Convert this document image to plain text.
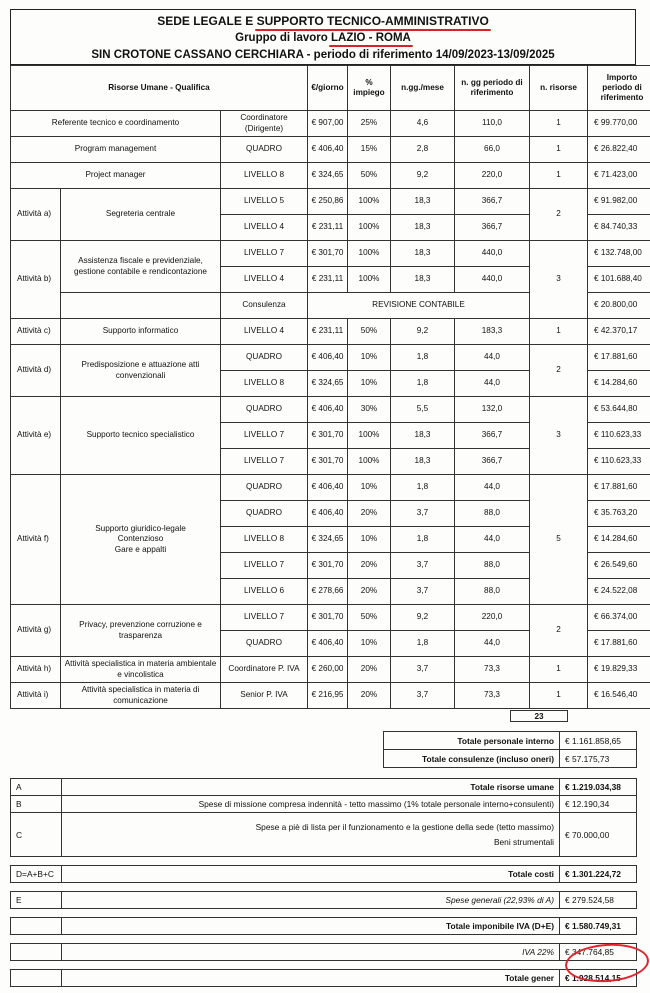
SEDE LEGALE E SUPPORTO TECNICO-AMMINISTRATIVO
Gruppo di lavoro LAZIO - ROMA
SIN CROTONE CASSANO CERCHIARA - periodo di riferimento 14/09/2023-13/09/2025
Risorse Umane - Qualifica			€/giorno	% impiego	n.gg./mese	n. gg periodo di riferimento	n. risorse	Importo periodo di riferimento
Referente tecnico e coordinamento		Coordinatore (Dirigente)	€ 907,00	25%	4,6	110,0	1	€ 99.770,00
Program management		QUADRO	€ 406,40	15%	2,8	66,0	1	€ 26.822,40
Project manager		LIVELLO 8	€ 324,65	50%	9,2	220,0	1	€ 71.423,00
Attività a)	Segreteria centrale	LIVELLO 5	€ 250,86	100%	18,3	366,7	2	€ 91.982,00
		LIVELLO 4	€ 231,11	100%	18,3	366,7		€ 84.740,33
Attività b)	Assistenza fiscale e previdenziale, gestione contabile e rendicontazione	LIVELLO 7	€ 301,70	100%	18,3	440,0	3	€ 132.748,00
		LIVELLO 4	€ 231,11	100%	18,3	440,0		€ 101.688,40
		Consulenza	REVISIONE CONTABILE					€ 20.800,00
Attività c)	Supporto informatico	LIVELLO 4	€ 231,11	50%	9,2	183,3	1	€ 42.370,17
Attività d)	Predisposizione e attuazione atti convenzionali	QUADRO	€ 406,40	10%	1,8	44,0	2	€ 17.881,60
		LIVELLO 8	€ 324,65	10%	1,8	44,0		€ 14.284,60
Attività e)	Supporto tecnico specialistico	QUADRO	€ 406,40	30%	5,5	132,0	3	€ 53.644,80
		LIVELLO 7	€ 301,70	100%	18,3	366,7		€ 110.623,33
		LIVELLO 7	€ 301,70	100%	18,3	366,7		€ 110.623,33
Attività f)	Supporto giuridico-legale
Contenzioso
Gare e appalti	QUADRO	€ 406,40	10%	1,8	44,0	5	€ 17.881,60
		QUADRO	€ 406,40	20%	3,7	88,0		€ 35.763,20
		LIVELLO 8	€ 324,65	10%	1,8	44,0		€ 14.284,60
		LIVELLO 7	€ 301,70	20%	3,7	88,0		€ 26.549,60
		LIVELLO 6	€ 278,66	20%	3,7	88,0		€ 24.522,08
Attività g)	Privacy, prevenzione corruzione e trasparenza	LIVELLO 7	€ 301,70	50%	9,2	220,0	2	€ 66.374,00
		QUADRO	€ 406,40	10%	1,8	44,0		€ 17.881,60
Attività h)	Attività specialistica in materia ambientale e vincolistica	Coordinatore P. IVA	€ 260,00	20%	3,7	73,3	1	€ 19.829,33
Attività i)	Attività specialistica in materia di comunicazione	Senior P. IVA	€ 216,95	20%	3,7	73,3	1	€ 16.546,40
23
Totale personale interno	€ 1.161.858,65
Totale consulenze (incluso oneri)	€ 57.175,73
A	Totale risorse umane	€ 1.219.034,38
B	Spese di missione compresa indennità - tetto massimo (1% totale personale interno+consulenti)	€ 12.190,34
C	Spese a piè di lista per il funzionamento e la gestione della sede (tetto massimo)
Beni strumentali	€ 70.000,00

D=A+B+C	Totale costi	€ 1.301.224,72

E	Spese generali (22,93% di A)	€ 279.524,58

	Totale imponibile IVA (D+E)	€ 1.580.749,31

	IVA 22%	€ 347.764,85

	Totale gener	€ 1.928.514,15
